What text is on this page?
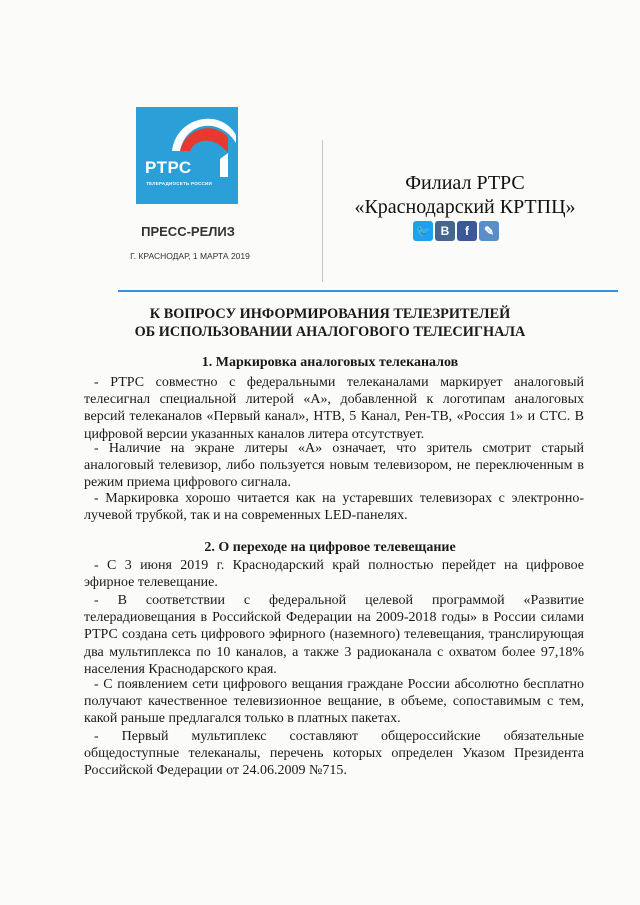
РТРС
ТЕЛЕРАДИОСЕТЬ РОССИИ
ПРЕСС-РЕЛИЗ
Г. КРАСНОДАР, 1 МАРТА 2019
Филиал РТРС
«Краснодарский КРТПЦ»
🐦 В	f	✎
К ВОПРОСУ ИНФОРМИРОВАНИЯ ТЕЛЕЗРИТЕЛЕЙ
ОБ ИСПОЛЬЗОВАНИИ АНАЛОГОВОГО ТЕЛЕСИГНАЛА
1. Маркировка аналоговых телеканалов
- РТРС совместно с федеральными телеканалами маркирует аналоговый телесигнал специальной литерой «А», добавленной к логотипам аналоговых версий телеканалов «Первый канал», НТВ, 5 Канал, Рен-ТВ, «Россия 1» и СТС. В цифровой версии указанных каналов литера отсутствует.
- Наличие на экране литеры «А» означает, что зритель смотрит старый аналоговый телевизор, либо пользуется новым телевизором, не переключенным в режим приема цифрового сигнала.
- Маркировка хорошо читается как на устаревших телевизорах с электронно-лучевой трубкой, так и на современных LED-панелях.
2. О переходе на цифровое телевещание
- С 3 июня 2019 г. Краснодарский край полностью перейдет на цифровое эфирное телевещание.
- В соответствии с федеральной целевой программой «Развитие телерадиовещания в Российской Федерации на 2009-2018 годы» в России силами РТРС создана сеть цифрового эфирного (наземного) телевещания, транслирующая два мультиплекса по 10 каналов, а также 3 радиоканала с охватом более 97,18% населения Краснодарского края.
- С появлением сети цифрового вещания граждане России абсолютно бесплатно получают качественное телевизионное вещание, в объеме, сопоставимым с тем, какой раньше предлагался только в платных пакетах.
- Первый мультиплекс составляют общероссийские обязательные общедоступные телеканалы, перечень которых определен Указом Президента Российской Федерации от 24.06.2009 №715.
